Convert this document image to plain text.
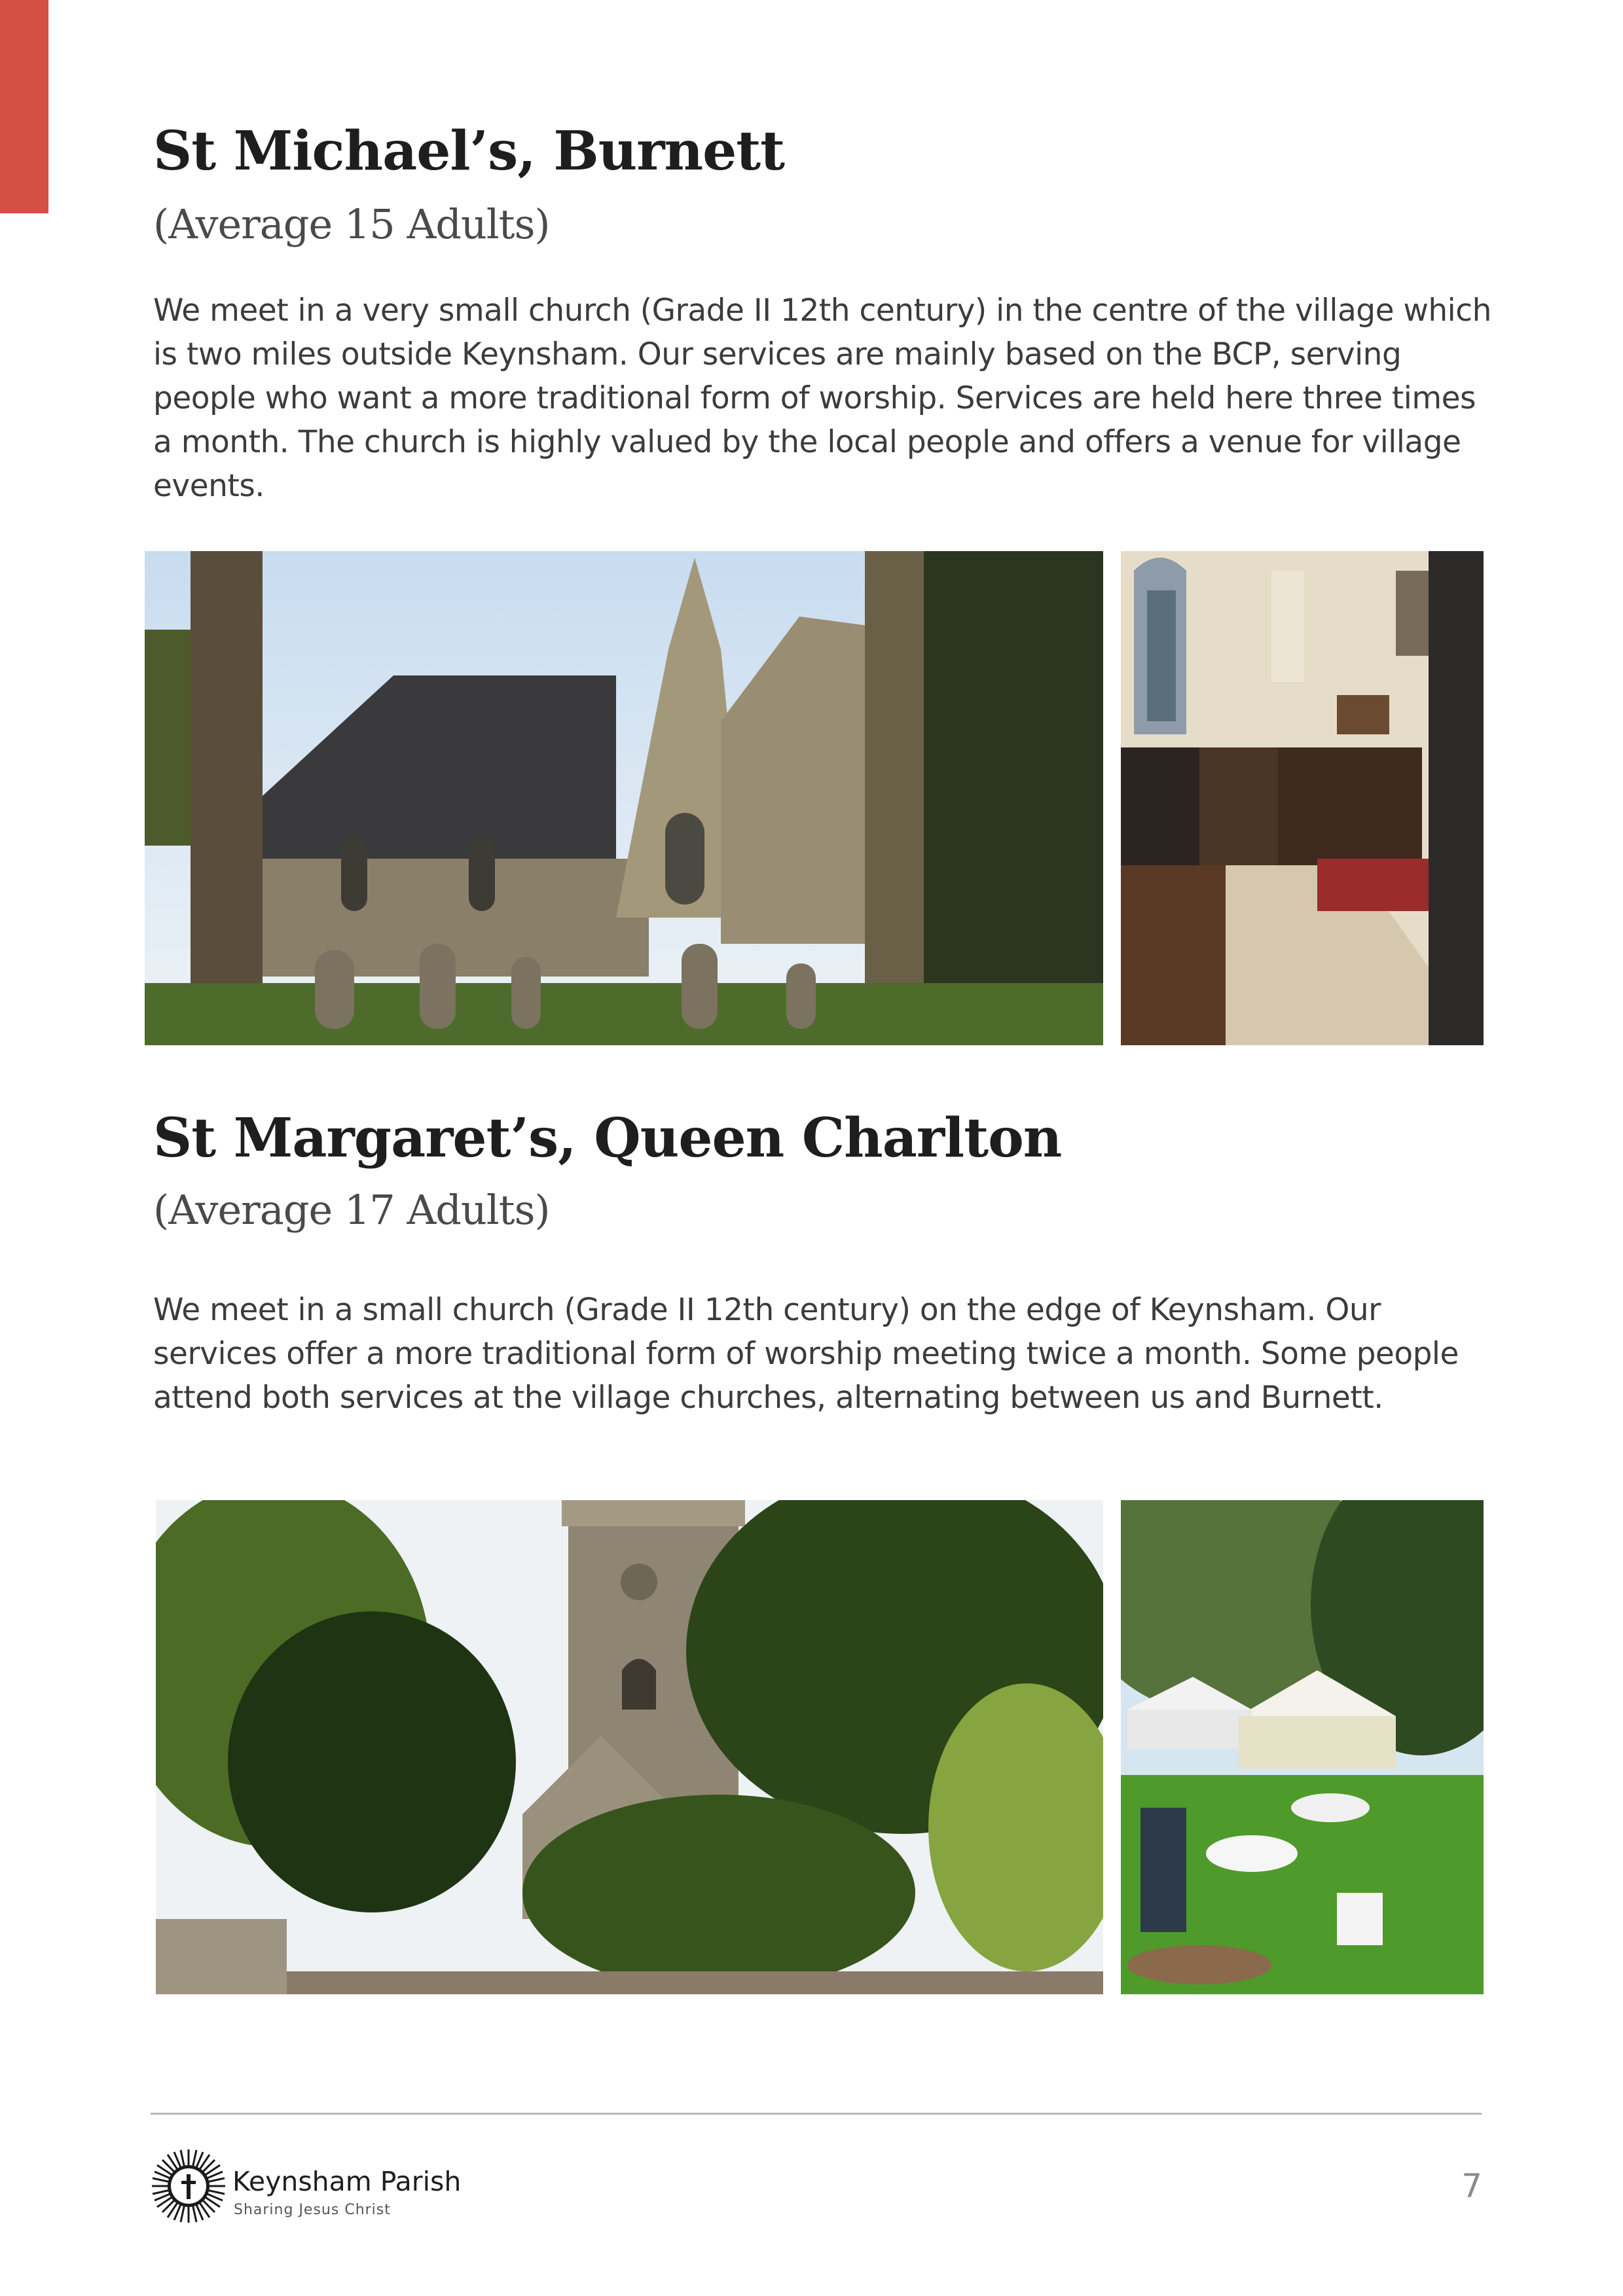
St Michael’s, Burnett
(Average 15 Adults)

We meet in a very small church (Grade II 12th century) in the centre of the village which is two miles outside Keynsham. Our services are mainly based on the BCP, serving people who want a more traditional form of worship. Services are held here three times a month. The church is highly valued by the local people and offers a venue for village events.

St Margaret’s, Queen Charlton
(Average 17 Adults)

We meet in a small church (Grade II 12th century) on the edge of Keynsham. Our services offer a more traditional form of worship meeting twice a month. Some people attend both services at the village churches, alternating between us and Burnett.

Keynsham Parish
Sharing Jesus Christ
7
